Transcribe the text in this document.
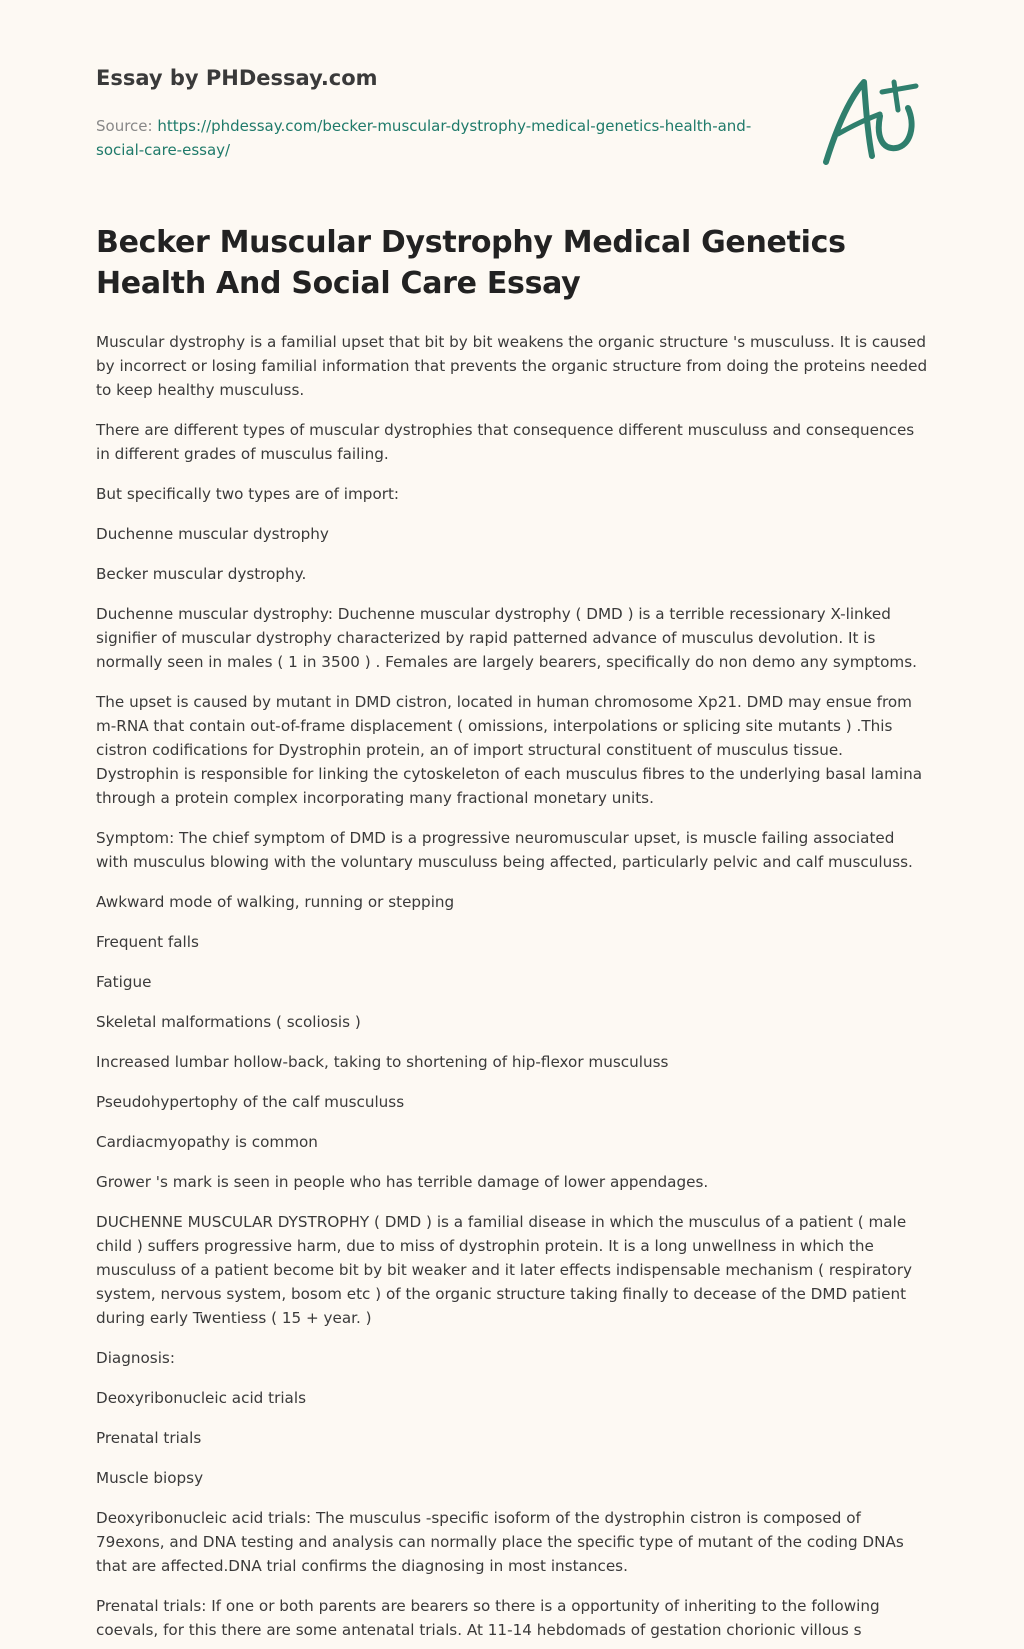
Essay by PHDessay.com
Source: https://phdessay.com/becker-muscular-dystrophy-medical-genetics-health-and-social-care-essay/
Becker Muscular Dystrophy Medical Genetics Health And Social Care Essay

Muscular dystrophy is a familial upset that bit by bit weakens the organic structure 's musculuss. It is caused by incorrect or losing familial information that prevents the organic structure from doing the proteins needed to keep healthy musculuss.

There are different types of muscular dystrophies that consequence different musculuss and consequences in different grades of musculus failing.

But specifically two types are of import:

Duchenne muscular dystrophy

Becker muscular dystrophy.

Duchenne muscular dystrophy: Duchenne muscular dystrophy ( DMD ) is a terrible recessionary X-linked signifier of muscular dystrophy characterized by rapid patterned advance of musculus devolution. It is normally seen in males ( 1 in 3500 ) . Females are largely bearers, specifically do non demo any symptoms.

The upset is caused by mutant in DMD cistron, located in human chromosome Xp21. DMD may ensue from m-RNA that contain out-of-frame displacement ( omissions, interpolations or splicing site mutants ) .This cistron codifications for Dystrophin protein, an of import structural constituent of musculus tissue. Dystrophin is responsible for linking the cytoskeleton of each musculus fibres to the underlying basal lamina through a protein complex incorporating many fractional monetary units.

Symptom: The chief symptom of DMD is a progressive neuromuscular upset, is muscle failing associated with musculus blowing with the voluntary musculuss being affected, particularly pelvic and calf musculuss.

Awkward mode of walking, running or stepping

Frequent falls

Fatigue

Skeletal malformations ( scoliosis )

Increased lumbar hollow-back, taking to shortening of hip-flexor musculuss

Pseudohypertophy of the calf musculuss

Cardiacmyopathy is common

Grower 's mark is seen in people who has terrible damage of lower appendages.

DUCHENNE MUSCULAR DYSTROPHY ( DMD ) is a familial disease in which the musculus of a patient ( male child ) suffers progressive harm, due to miss of dystrophin protein. It is a long unwellness in which the musculuss of a patient become bit by bit weaker and it later effects indispensable mechanism ( respiratory system, nervous system, bosom etc ) of the organic structure taking finally to decease of the DMD patient during early Twentiess ( 15 + year. )

Diagnosis:

Deoxyribonucleic acid trials

Prenatal trials

Muscle biopsy

Deoxyribonucleic acid trials: The musculus -specific isoform of the dystrophin cistron is composed of 79exons, and DNA testing and analysis can normally place the specific type of mutant of the coding DNAs that are affected.DNA trial confirms the diagnosing in most instances.

Prenatal trials: If one or both parents are bearers so there is a opportunity of inheriting to the following coevals, for this there are some antenatal trials. At 11-14 hebdomads of gestation chorionic villous s
